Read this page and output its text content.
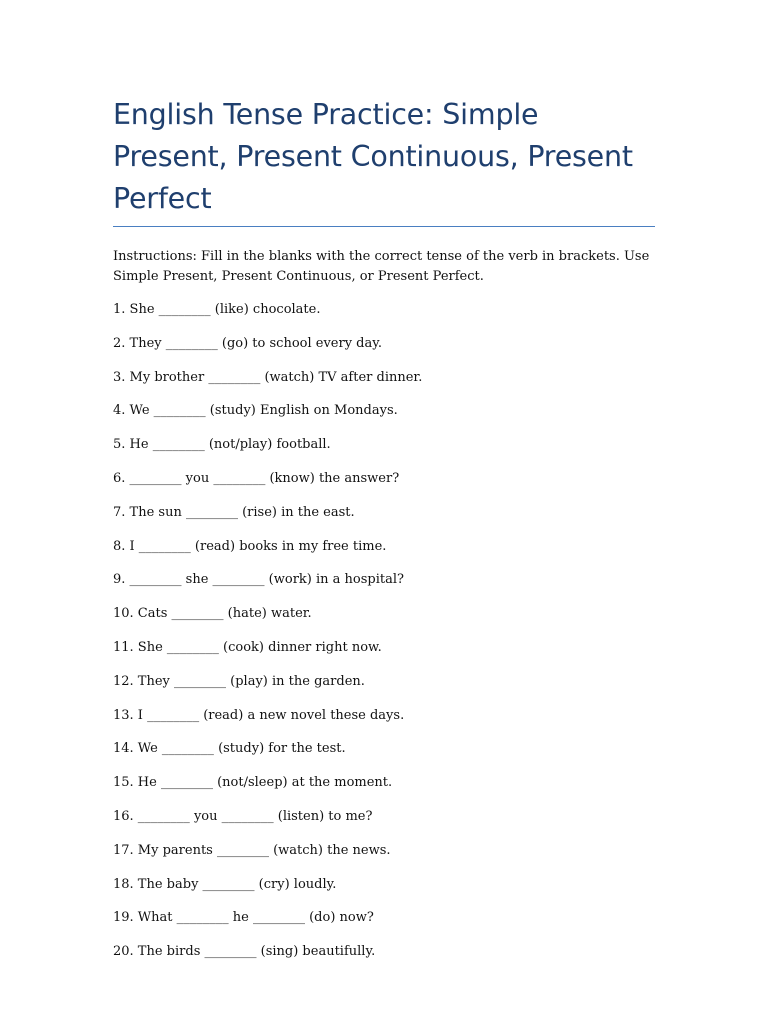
English Tense Practice: Simple Present, Present Continuous, Present Perfect

Instructions: Fill in the blanks with the correct tense of the verb in brackets. Use Simple Present, Present Continuous, or Present Perfect.

1. She ________ (like) chocolate.
2. They ________ (go) to school every day.
3. My brother ________ (watch) TV after dinner.
4. We ________ (study) English on Mondays.
5. He ________ (not/play) football.
6. ________ you ________ (know) the answer?
7. The sun ________ (rise) in the east.
8. I ________ (read) books in my free time.
9. ________ she ________ (work) in a hospital?
10. Cats ________ (hate) water.
11. She ________ (cook) dinner right now.
12. They ________ (play) in the garden.
13. I ________ (read) a new novel these days.
14. We ________ (study) for the test.
15. He ________ (not/sleep) at the moment.
16. ________ you ________ (listen) to me?
17. My parents ________ (watch) the news.
18. The baby ________ (cry) loudly.
19. What ________ he ________ (do) now?
20. The birds ________ (sing) beautifully.
